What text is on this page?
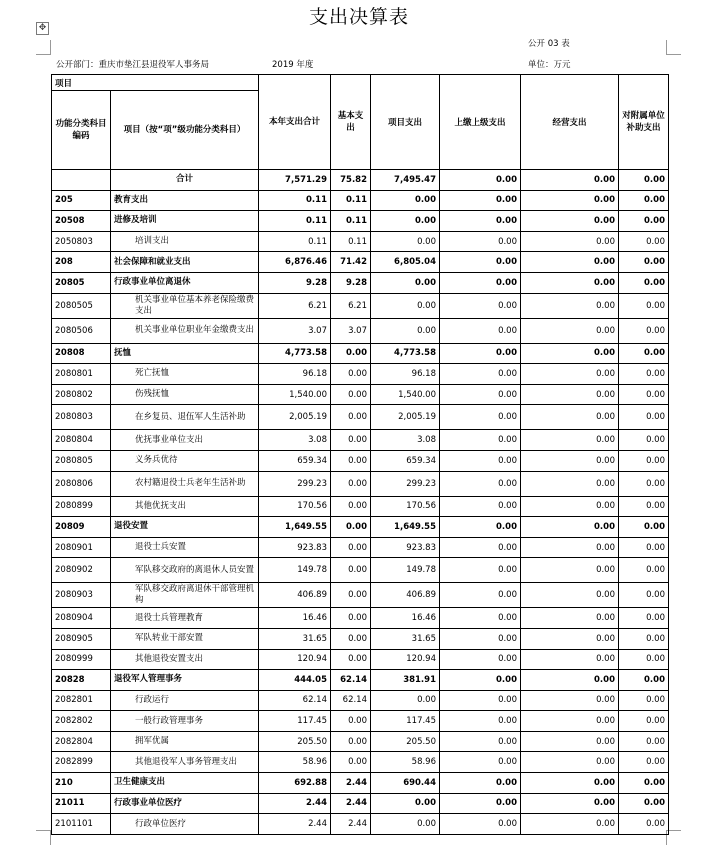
✥	支出决算表
公开 03 表
公开部门：重庆市垫江县退役军人事务局	2019 年度	单位：万元
项目		本年支出合计	基本支出	项目支出	上缴上级支出	经营支出	对附属单位补助支出
功能分类科目编码	项目（按“项”级功能分类科目）						
	合计	7,571.29	75.82	7,495.47	0.00	0.00	0.00
205	教育支出	0.11	0.11	0.00	0.00	0.00	0.00
20508	进修及培训	0.11	0.11	0.00	0.00	0.00	0.00
2050803	培训支出	0.11	0.11	0.00	0.00	0.00	0.00
208	社会保障和就业支出	6,876.46	71.42	6,805.04	0.00	0.00	0.00
20805	行政事业单位离退休	9.28	9.28	0.00	0.00	0.00	0.00
2080505	机关事业单位基本养老保险缴费支出	6.21	6.21	0.00	0.00	0.00	0.00
2080506	机关事业单位职业年金缴费支出	3.07	3.07	0.00	0.00	0.00	0.00
20808	抚恤	4,773.58	0.00	4,773.58	0.00	0.00	0.00
2080801	死亡抚恤	96.18	0.00	96.18	0.00	0.00	0.00
2080802	伤残抚恤	1,540.00	0.00	1,540.00	0.00	0.00	0.00
2080803	在乡复员、退伍军人生活补助	2,005.19	0.00	2,005.19	0.00	0.00	0.00
2080804	优抚事业单位支出	3.08	0.00	3.08	0.00	0.00	0.00
2080805	义务兵优待	659.34	0.00	659.34	0.00	0.00	0.00
2080806	农村籍退役士兵老年生活补助	299.23	0.00	299.23	0.00	0.00	0.00
2080899	其他优抚支出	170.56	0.00	170.56	0.00	0.00	0.00
20809	退役安置	1,649.55	0.00	1,649.55	0.00	0.00	0.00
2080901	退役士兵安置	923.83	0.00	923.83	0.00	0.00	0.00
2080902	军队移交政府的离退休人员安置	149.78	0.00	149.78	0.00	0.00	0.00
2080903	军队移交政府离退休干部管理机构	406.89	0.00	406.89	0.00	0.00	0.00
2080904	退役士兵管理教育	16.46	0.00	16.46	0.00	0.00	0.00
2080905	军队转业干部安置	31.65	0.00	31.65	0.00	0.00	0.00
2080999	其他退役安置支出	120.94	0.00	120.94	0.00	0.00	0.00
20828	退役军人管理事务	444.05	62.14	381.91	0.00	0.00	0.00
2082801	行政运行	62.14	62.14	0.00	0.00	0.00	0.00
2082802	一般行政管理事务	117.45	0.00	117.45	0.00	0.00	0.00
2082804	拥军优属	205.50	0.00	205.50	0.00	0.00	0.00
2082899	其他退役军人事务管理支出	58.96	0.00	58.96	0.00	0.00	0.00
210	卫生健康支出	692.88	2.44	690.44	0.00	0.00	0.00
21011	行政事业单位医疗	2.44	2.44	0.00	0.00	0.00	0.00
2101101	行政单位医疗	2.44	2.44	0.00	0.00	0.00	0.00
